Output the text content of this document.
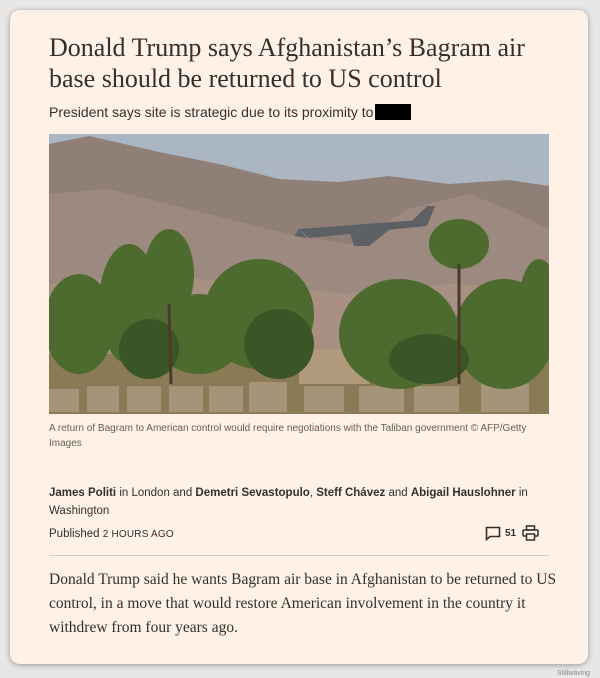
Donald Trump says Afghanistan’s Bagram air base should be returned to US control
President says site is strategic due to its proximity to
A return of Bagram to American control would require negotiations with the Taliban government © AFP/Getty Images
James Politi in London and Demetri Sevastopulo, Steff Chávez and Abigail Hauslohner in Washington
Published 2 HOURS AGO	51
Donald Trump said he wants Bagram air base in Afghanistan to be returned to US control, in a move that would restore American involvement in the country it withdrew from four years ago.
Stillwaving
